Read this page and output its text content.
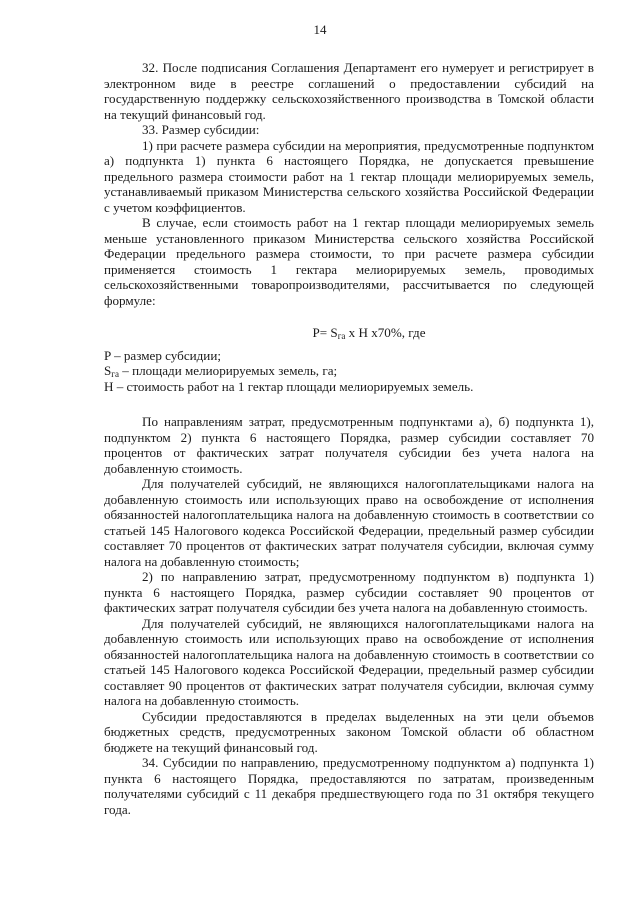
14

32. После подписания Соглашения Департамент его нумерует и регистрирует в электронном виде в реестре соглашений о предоставлении субсидий на государственную поддержку сельскохозяйственного производства в Томской области на текущий финансовый год.

33. Размер субсидии:

1) при расчете размера субсидии на мероприятия, предусмотренные подпунктом а) подпункта 1) пункта 6 настоящего Порядка, не допускается превышение предельного размера стоимости работ на 1 гектар площади мелиорируемых земель, устанавливаемый приказом Министерства сельского хозяйства Российской Федерации с учетом коэффициентов.

В случае, если стоимость работ на 1 гектар площади мелиорируемых земель меньше установленного приказом Министерства сельского хозяйства Российской Федерации предельного размера стоимости, то при расчете размера субсидии применяется стоимость 1 гектара мелиорируемых земель, проводимых сельскохозяйственными товаропроизводителями, рассчитывается по следующей формуле:

$P= S_{га}$ х H х70%, где

P – размер субсидии;

$S_{га}$ – площади мелиорируемых земель, га;

H – стоимость работ на 1 гектар площади мелиорируемых земель.

По направлениям затрат, предусмотренным подпунктами а), б) подпункта 1), подпунктом 2) пункта 6 настоящего Порядка, размер субсидии составляет 70 процентов от фактических затрат получателя субсидии без учета налога на добавленную стоимость.

Для получателей субсидий, не являющихся налогоплательщиками налога на добавленную стоимость или использующих право на освобождение от исполнения обязанностей налогоплательщика налога на добавленную стоимость в соответствии со статьей 145 Налогового кодекса Российской Федерации, предельный размер субсидии составляет 70 процентов от фактических затрат получателя субсидии, включая сумму налога на добавленную стоимость;

2) по направлению затрат, предусмотренному подпунктом в) подпункта 1) пункта 6 настоящего Порядка, размер субсидии составляет 90 процентов от фактических затрат получателя субсидии без учета налога на добавленную стоимость.

Для получателей субсидий, не являющихся налогоплательщиками налога на добавленную стоимость или использующих право на освобождение от исполнения обязанностей налогоплательщика налога на добавленную стоимость в соответствии со статьей 145 Налогового кодекса Российской Федерации, предельный размер субсидии составляет 90 процентов от фактических затрат получателя субсидии, включая сумму налога на добавленную стоимость.

Субсидии предоставляются в пределах выделенных на эти цели объемов бюджетных средств, предусмотренных законом Томской области об областном бюджете на текущий финансовый год.

34. Субсидии по направлению, предусмотренному подпунктом а) подпункта 1) пункта 6 настоящего Порядка, предоставляются по затратам, произведенным получателями субсидий с 11 декабря предшествующего года по 31 октября текущего года.
